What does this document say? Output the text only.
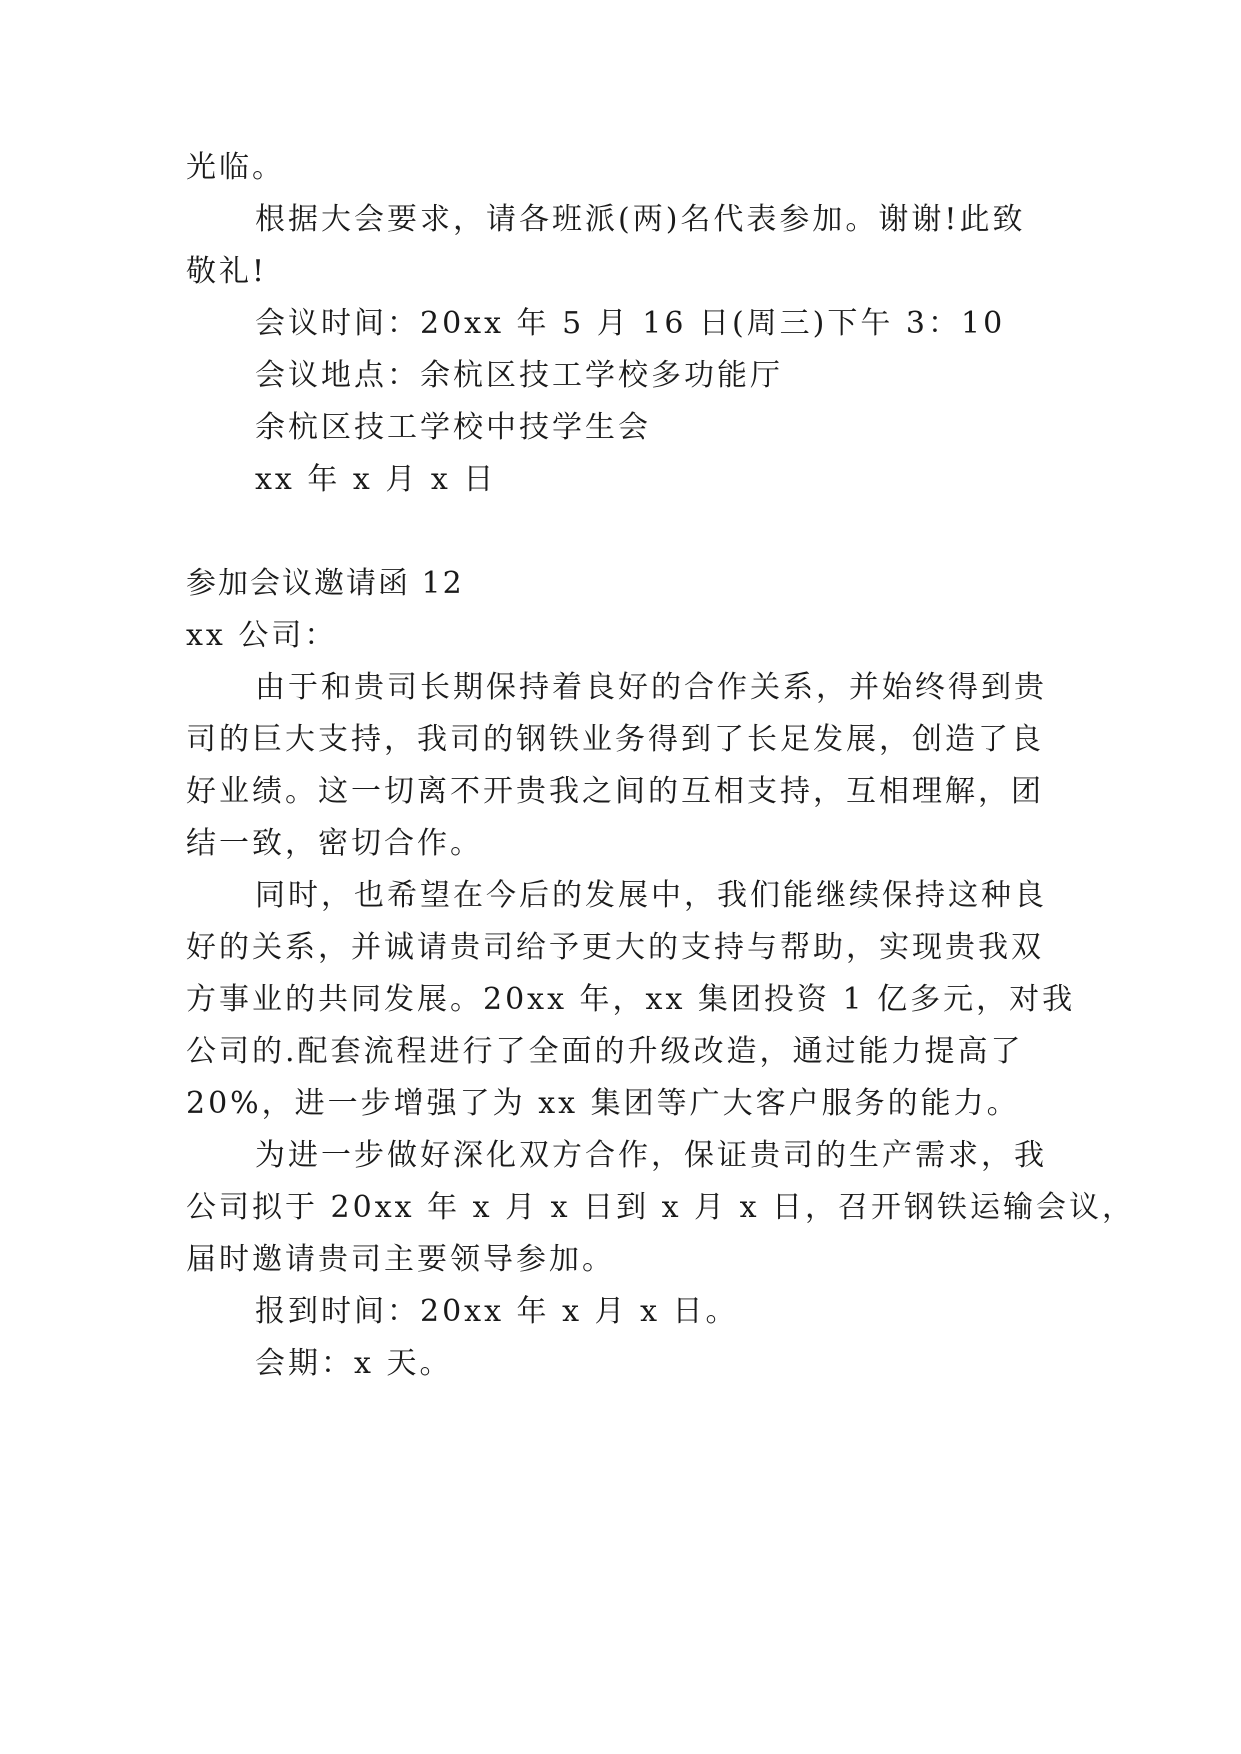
光临。
根据大会要求，请各班派(两)名代表参加。谢谢!此致
敬礼!
会议时间：20xx 年 5 月 16 日(周三)下午 3：10
会议地点：余杭区技工学校多功能厅
余杭区技工学校中技学生会
xx 年 x 月 x 日
参加会议邀请函 12
xx 公司：
由于和贵司长期保持着良好的合作关系，并始终得到贵
司的巨大支持，我司的钢铁业务得到了长足发展，创造了良
好业绩。这一切离不开贵我之间的互相支持，互相理解，团
结一致，密切合作。
同时，也希望在今后的发展中，我们能继续保持这种良
好的关系，并诚请贵司给予更大的支持与帮助，实现贵我双
方事业的共同发展。20xx 年，xx 集团投资 1 亿多元，对我
公司的.配套流程进行了全面的升级改造，通过能力提高了
20%，进一步增强了为 xx 集团等广大客户服务的能力。
为进一步做好深化双方合作，保证贵司的生产需求，我
公司拟于 20xx 年 x 月 x 日到 x 月 x 日，召开钢铁运输会议，
届时邀请贵司主要领导参加。
报到时间：20xx 年 x 月 x 日。
会期：x 天。
